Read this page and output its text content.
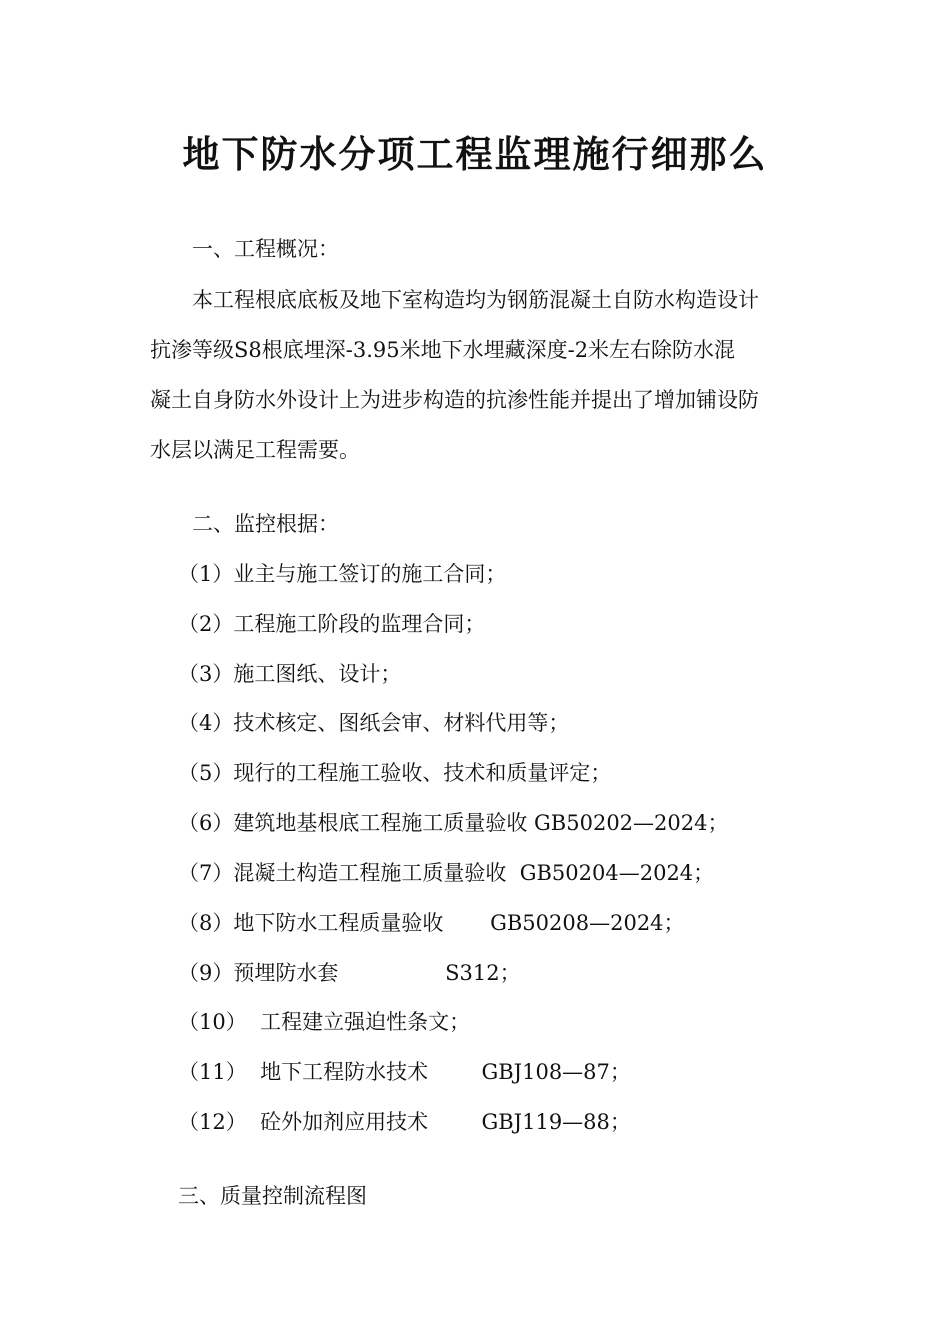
地下防水分项工程监理施行细那么
一、工程概况：
本工程根底底板及地下室构造均为钢筋混凝土自防水构造设计
抗渗等级S8根底埋深-3.95米地下水埋藏深度-2米左右除防水混
凝土自身防水外设计上为进步构造的抗渗性能并提出了增加铺设防
水层以满足工程需要。
二、监控根据：
（1）业主与施工签订的施工合同；
（2）工程施工阶段的监理合同；
（3）施工图纸、设计；
（4）技术核定、图纸会审、材料代用等；
（5）现行的工程施工验收、技术和质量评定；
（6）建筑地基根底工程施工质量验收 GB50202—2024；
（7）混凝土构造工程施工质量验收  GB50204—2024；
（8）地下防水工程质量验收       GB50208—2024；
（9）预埋防水套                S312；
（10）  工程建立强迫性条文；
（11）  地下工程防水技术        GBJ108—87；
（12）  砼外加剂应用技术        GBJ119—88；
三、质量控制流程图
